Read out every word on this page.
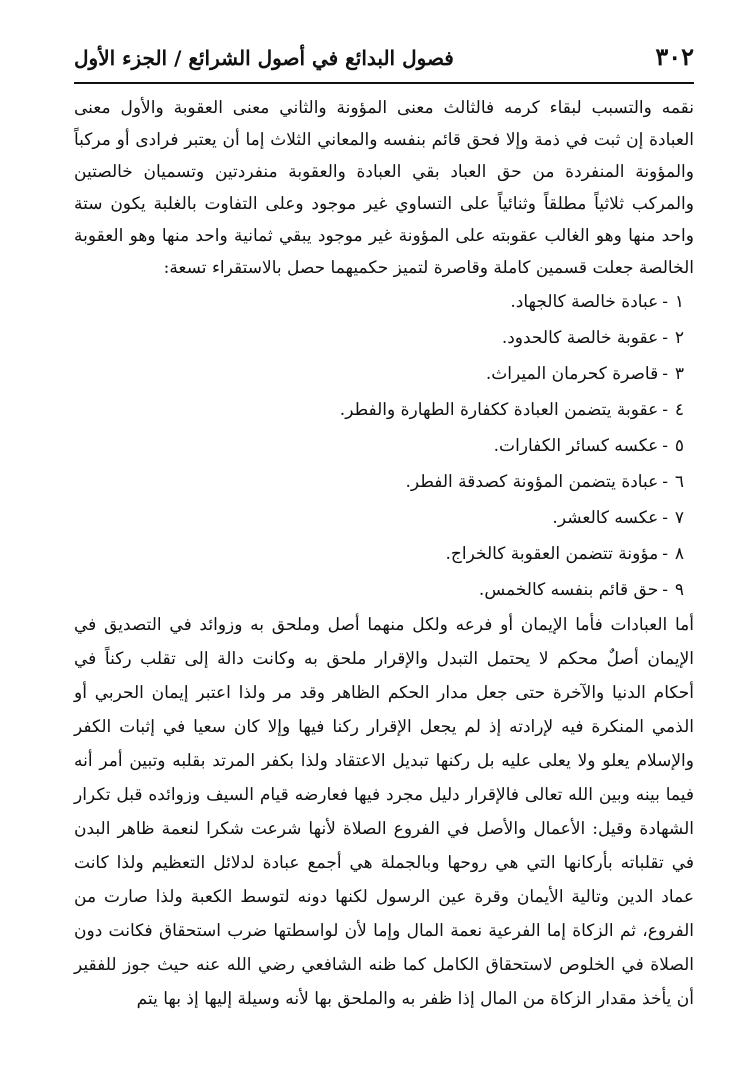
٣٠٢
فصول البدائع في أصول الشرائع / الجزء الأول

نقمه والتسبب لبقاء كرمه فالثالث معنى المؤونة والثاني معنى العقوبة والأول معنى العبادة إن ثبت في ذمة وإلا فحق قائم بنفسه والمعاني الثلاث إما أن يعتبر فرادى أو مركباً والمؤونة المنفردة من حق العباد بقي العبادة والعقوبة منفردتين وتسميان خالصتين والمركب ثلاثياً مطلقاً وثنائياً على التساوي غير موجود وعلى التفاوت بالغلبة يكون ستة واحد منها وهو الغالب عقوبته على المؤونة غير موجود يبقي ثمانية واحد منها وهو العقوبة الخالصة جعلت قسمين كاملة وقاصرة لتميز حكميهما حصل بالاستقراء تسعة:

١-عبادة خالصة كالجهاد.
٢-عقوبة خالصة كالحدود.
٣-قاصرة كحرمان الميراث.
٤-عقوبة يتضمن العبادة ككفارة الطهارة والفطر.
٥-عكسه كسائر الكفارات.
٦-عبادة يتضمن المؤونة كصدقة الفطر.
٧-عكسه كالعشر.
٨-مؤونة تتضمن العقوبة كالخراج.
٩-حق قائم بنفسه كالخمس.

أما العبادات فأما الإيمان أو فرعه ولكل منهما أصل وملحق به وزوائد في التصديق في الإيمان أصلٌ محكم لا يحتمل التبدل والإقرار ملحق به وكانت دالة إلى تقلب ركناً في أحكام الدنيا والآخرة حتى جعل مدار الحكم الظاهر وقد مر ولذا اعتبر إيمان الحربي أو الذمي المنكرة فيه لإرادته إذ لم يجعل الإقرار ركنا فيها وإلا كان سعيا في إثبات الكفر والإسلام يعلو ولا يعلى عليه بل ركنها تبديل الاعتقاد ولذا بكفر المرتد بقلبه وتبين أمر أنه فيما بينه وبين الله تعالى فالإقرار دليل مجرد فيها فعارضه قيام السيف وزوائده قبل تكرار الشهادة وقيل: الأعمال والأصل في الفروع الصلاة لأنها شرعت شكرا لنعمة ظاهر البدن في تقلباته بأركانها التي هي روحها وبالجملة هي أجمع عبادة لدلائل التعظيم ولذا كانت عماد الدين وتالية الأيمان وقرة عين الرسول لكنها دونه لتوسط الكعبة ولذا صارت من الفروع، ثم الزكاة إما الفرعية نعمة المال وإما لأن لواسطتها ضرب استحقاق فكانت دون الصلاة في الخلوص لاستحقاق الكامل كما ظنه الشافعي رضي الله عنه حيث جوز للفقير أن يأخذ مقدار الزكاة من المال إذا ظفر به والملحق بها لأنه وسيلة إليها إذ بها يتم
